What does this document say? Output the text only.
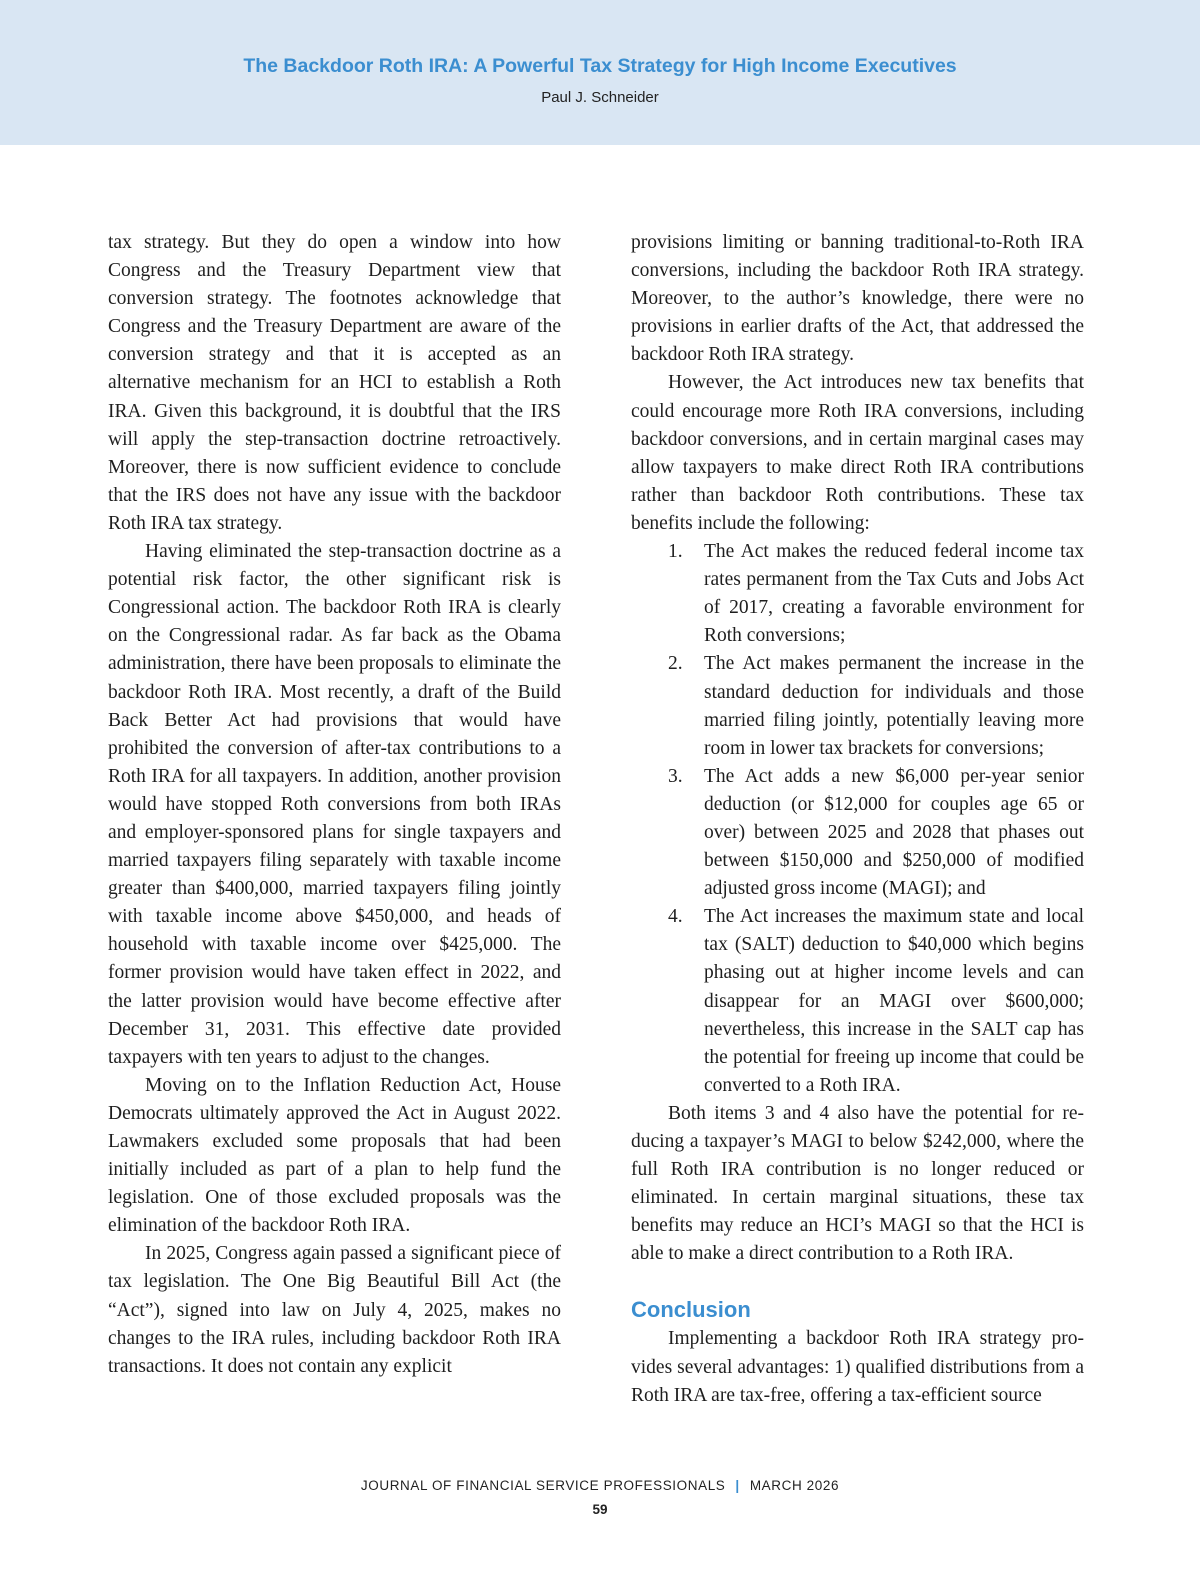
The Backdoor Roth IRA: A Powerful Tax Strategy for High Income Executives
Paul J. Schneider

tax strategy. But they do open a window into how Congress and the Treasury Department view that conversion strategy. The footnotes acknowledge that Congress and the Treasury Department are aware of the conversion strategy and that it is accepted as an alternative mechanism for an HCI to establish a Roth IRA. Given this background, it is doubtful that the IRS will apply the step-transaction doctrine retroactively. Moreover, there is now sufficient evidence to conclude that the IRS does not have any issue with the backdoor Roth IRA tax strategy.

Having eliminated the step-transaction doctrine as a potential risk factor, the other significant risk is Congressional action. The backdoor Roth IRA is clearly on the Congressional radar. As far back as the Obama administration, there have been proposals to eliminate the backdoor Roth IRA. Most recently, a draft of the Build Back Better Act had provisions that would have prohibited the conversion of after-tax contributions to a Roth IRA for all taxpayers. In addition, another provision would have stopped Roth conversions from both IRAs and employer-sponsored plans for single taxpayers and married taxpayers filing separately with taxable income greater than $400,000, married taxpayers filing jointly with taxable income above $450,000, and heads of household with taxable income over $425,000. The former provision would have taken effect in 2022, and the latter provision would have become effective after December 31, 2031. This effective date provided taxpayers with ten years to adjust to the changes.

Moving on to the Inflation Reduction Act, House Democrats ultimately approved the Act in August 2022. Lawmakers excluded some proposals that had been initially included as part of a plan to help fund the legislation. One of those excluded proposals was the elimination of the backdoor Roth IRA.

In 2025, Congress again passed a significant piece of tax legislation. The One Big Beautiful Bill Act (the “Act”), signed into law on July 4, 2025, makes no changes to the IRA rules, including backdoor Roth IRA transactions. It does not contain any explicit

provisions limiting or banning traditional-to-Roth IRA conversions, including the backdoor Roth IRA strategy. Moreover, to the author’s knowledge, there were no provisions in earlier drafts of the Act, that addressed the backdoor Roth IRA strategy.

However, the Act introduces new tax benefits that could encourage more Roth IRA conversions, including backdoor conversions, and in certain marginal cases may allow taxpayers to make direct Roth IRA contributions rather than backdoor Roth contributions. These tax benefits include the following:

1. The Act makes the reduced federal income tax rates permanent from the Tax Cuts and Jobs Act of 2017, creating a favorable environment for Roth conversions;
2. The Act makes permanent the increase in the standard deduction for individuals and those married filing jointly, potentially leaving more room in lower tax brackets for conversions;
3. The Act adds a new $6,000 per-year senior deduction (or $12,000 for couples age 65 or over) between 2025 and 2028 that phases out between $150,000 and $250,000 of modified adjusted gross income (MAGI); and
4. The Act increases the maximum state and local tax (SALT) deduction to $40,000 which begins phasing out at higher income levels and can disappear for an MAGI over $600,000; nevertheless, this increase in the SALT cap has the potential for freeing up income that could be converted to a Roth IRA.

Both items 3 and 4 also have the potential for reducing a taxpayer’s MAGI to below $242,000, where the full Roth IRA contribution is no longer reduced or eliminated. In certain marginal situations, these tax benefits may reduce an HCI’s MAGI so that the HCI is able to make a direct contribution to a Roth IRA.

Conclusion

Implementing a backdoor Roth IRA strategy provides several advantages: 1) qualified distributions from a Roth IRA are tax-free, offering a tax-efficient source

JOURNAL OF FINANCIAL SERVICE PROFESSIONALS | MARCH 2026
59
